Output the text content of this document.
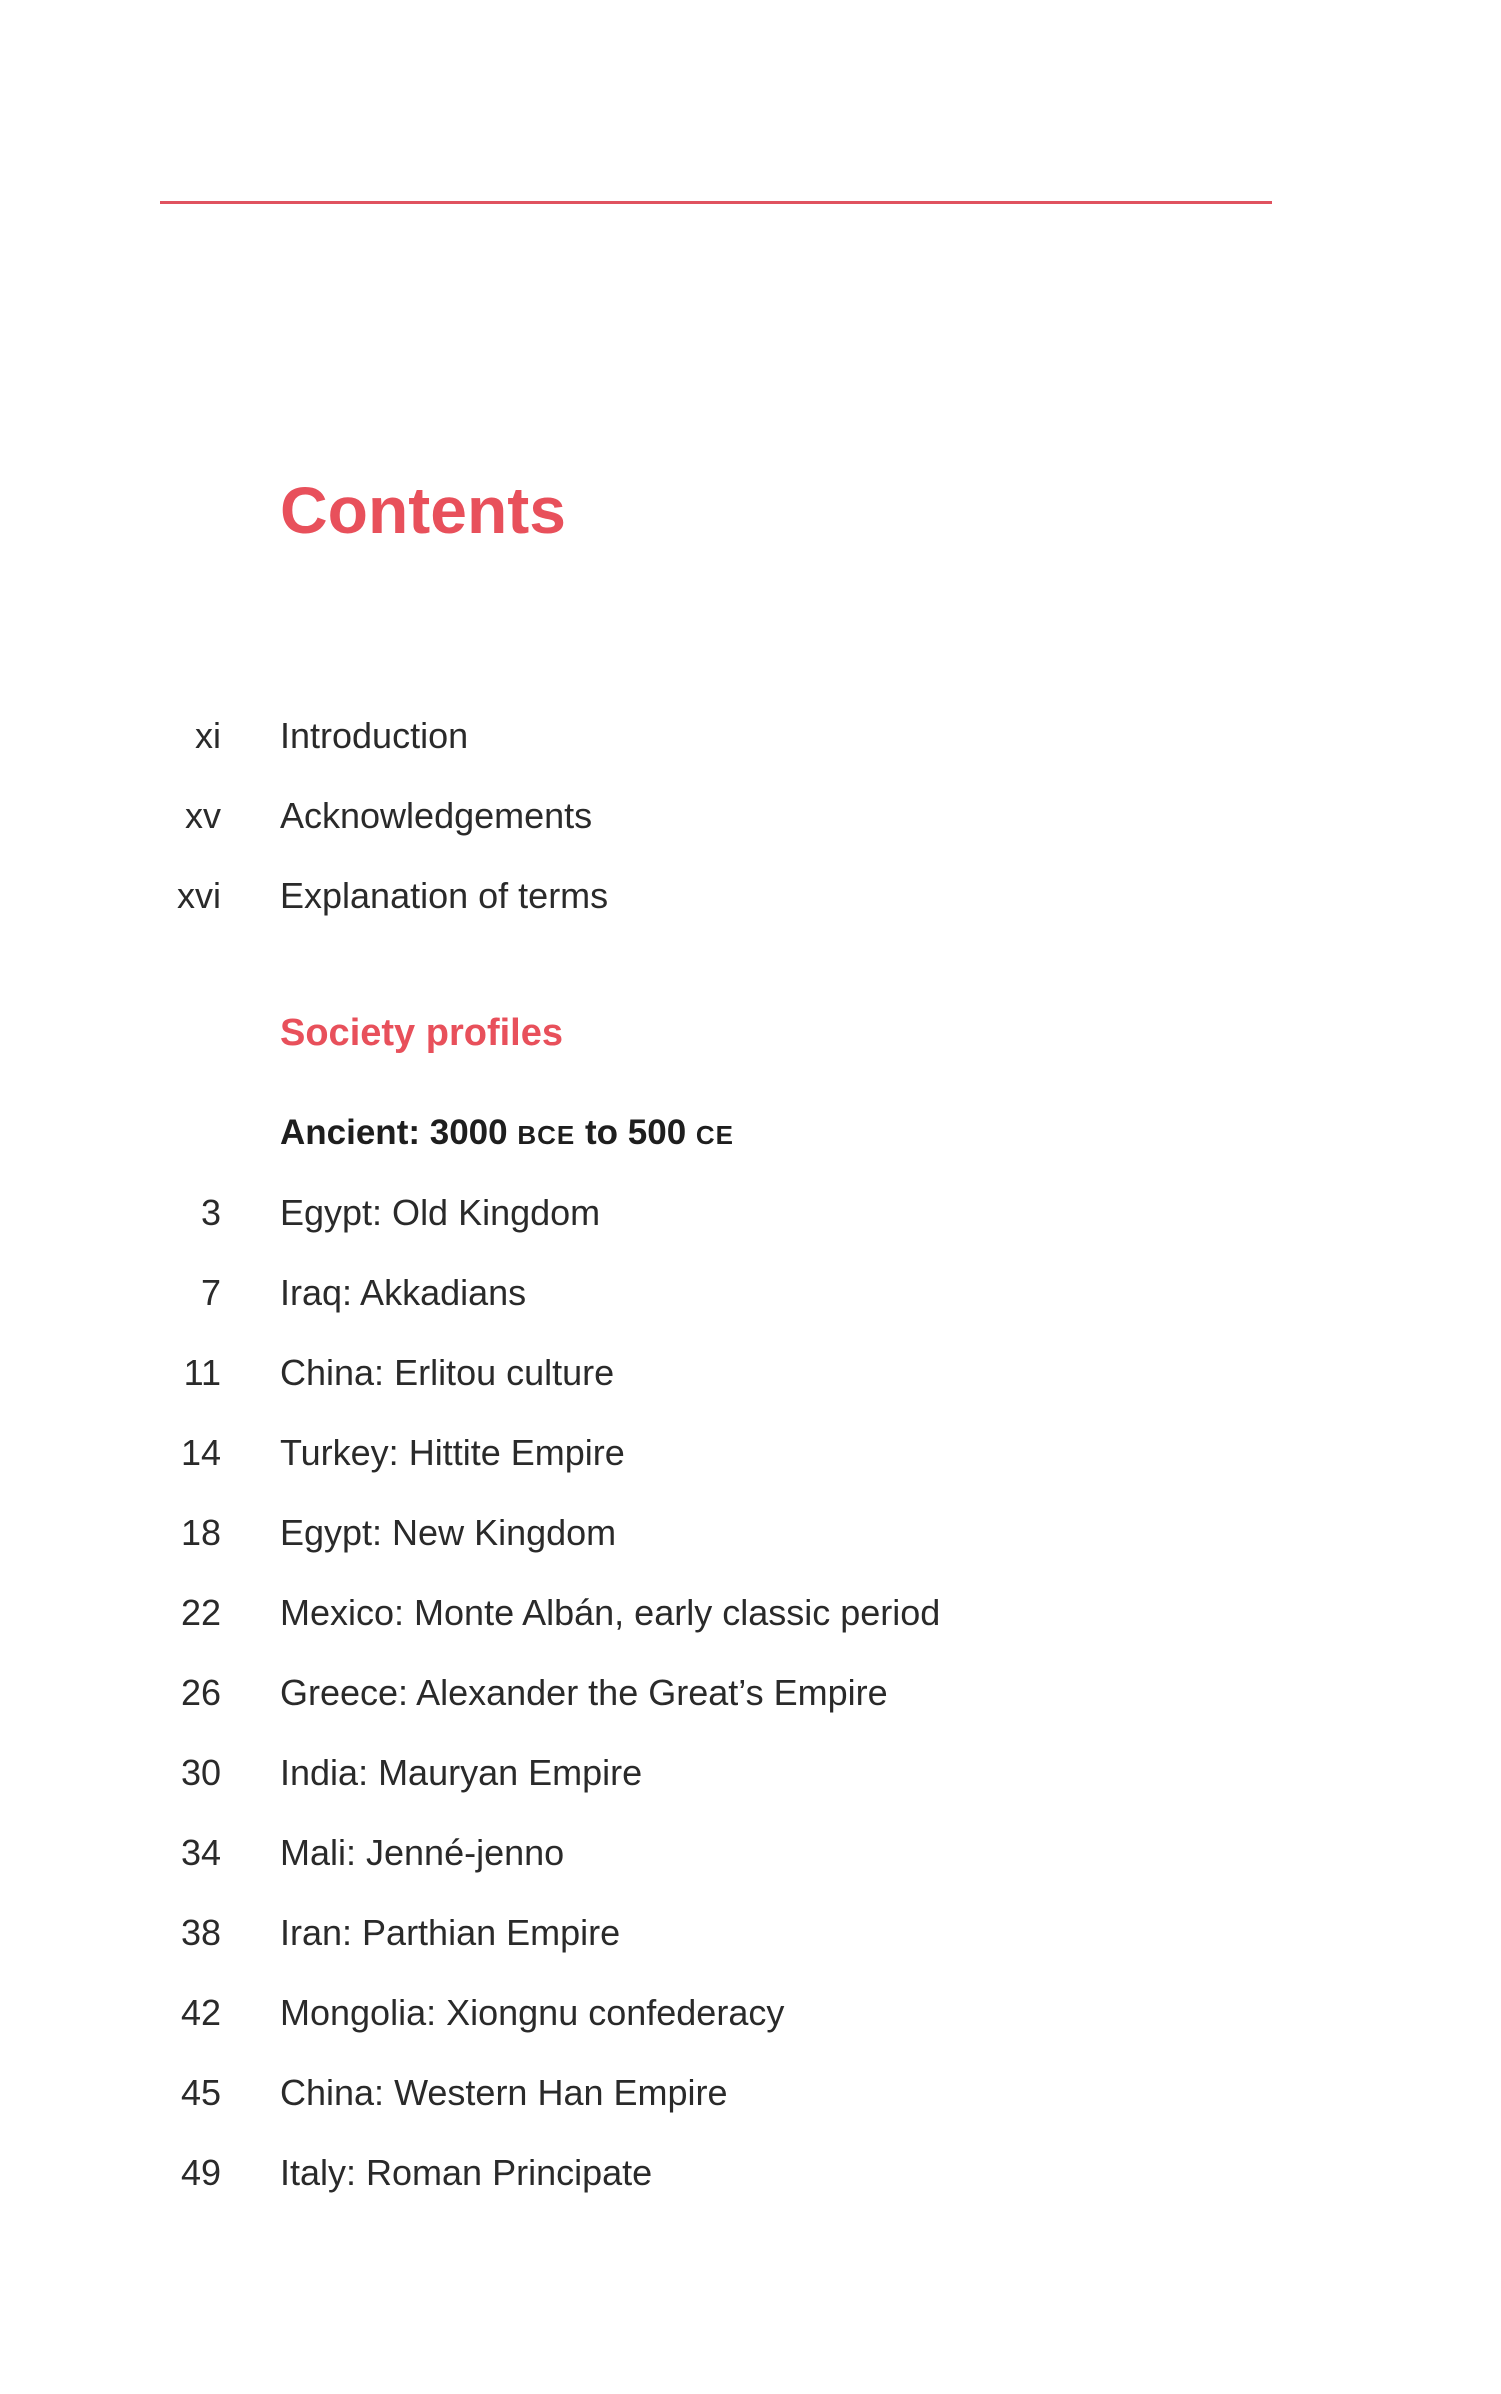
Contents
xi Introduction
xv Acknowledgements
xvi Explanation of terms
Society profiles
Ancient: 3000 BCE to 500 CE
3 Egypt: Old Kingdom
7 Iraq: Akkadians
11 China: Erlitou culture
14 Turkey: Hittite Empire
18 Egypt: New Kingdom
22 Mexico: Monte Albán, early classic period
26 Greece: Alexander the Great’s Empire
30 India: Mauryan Empire
34 Mali: Jenné-jenno
38 Iran: Parthian Empire
42 Mongolia: Xiongnu confederacy
45 China: Western Han Empire
49 Italy: Roman Principate
